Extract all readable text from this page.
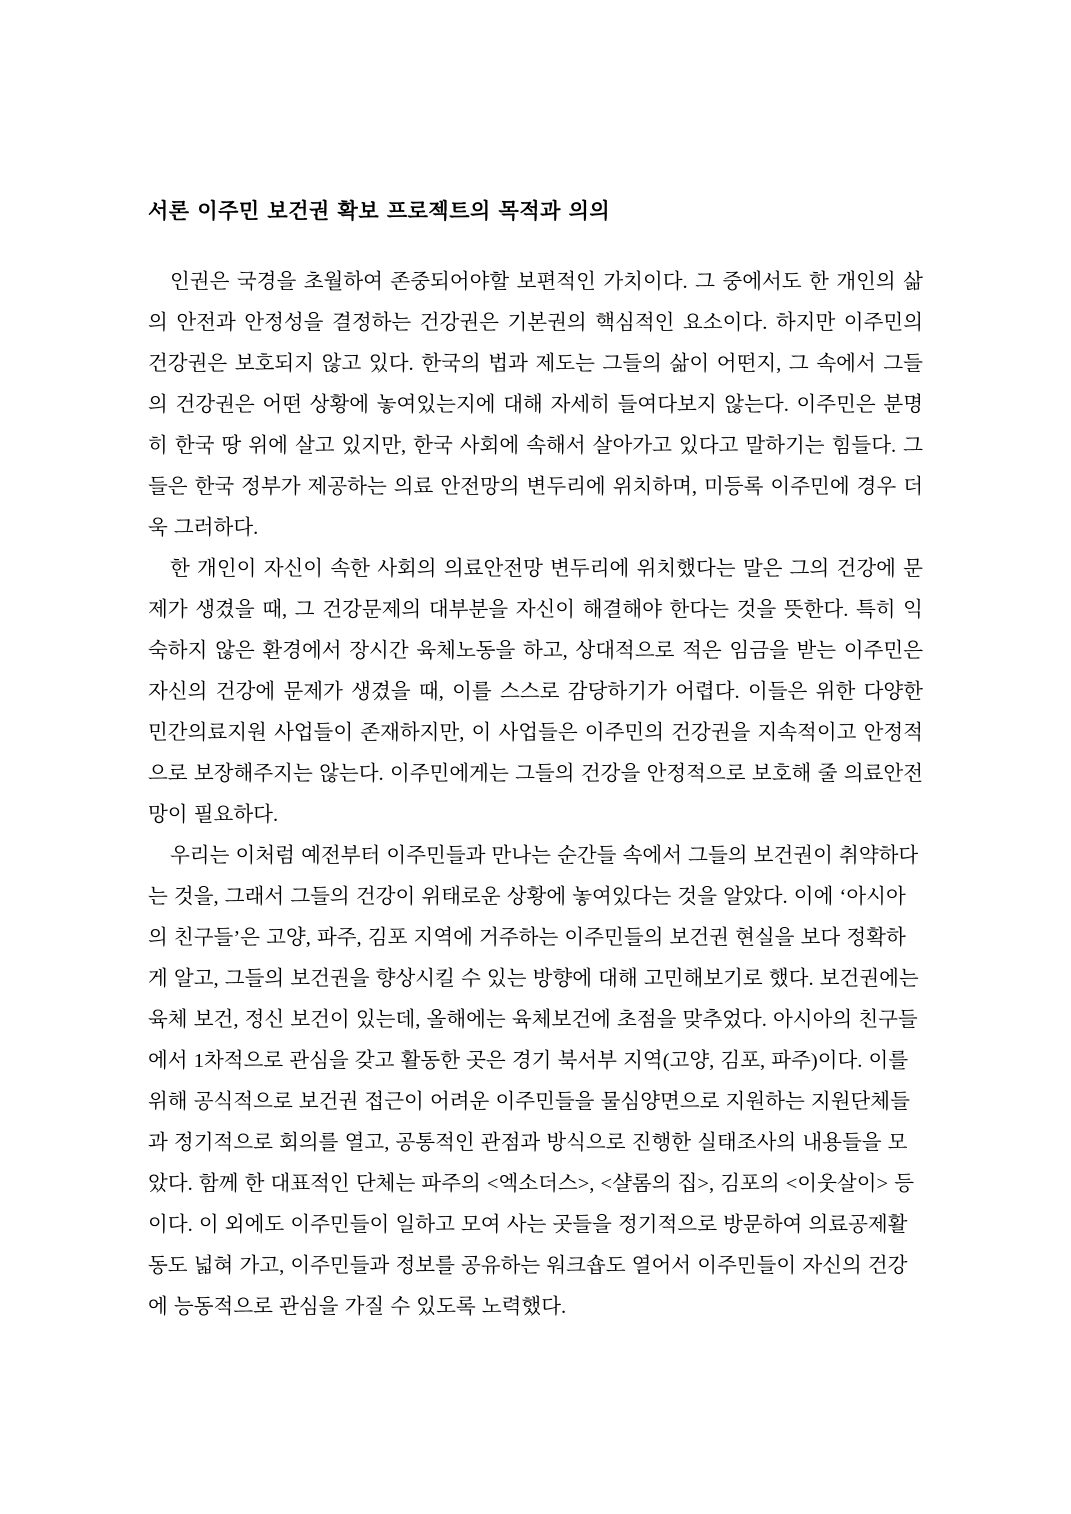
서론 이주민 보건권 확보 프로젝트의 목적과 의의

인권은 국경을 초월하여 존중되어야할 보편적인 가치이다. 그 중에서도 한 개인의 삶의 안전과 안정성을 결정하는 건강권은 기본권의 핵심적인 요소이다. 하지만 이주민의 건강권은 보호되지 않고 있다. 한국의 법과 제도는 그들의 삶이 어떤지, 그 속에서 그들의 건강권은 어떤 상황에 놓여있는지에 대해 자세히 들여다보지 않는다. 이주민은 분명히 한국 땅 위에 살고 있지만, 한국 사회에 속해서 살아가고 있다고 말하기는 힘들다. 그들은 한국 정부가 제공하는 의료 안전망의 변두리에 위치하며, 미등록 이주민에 경우 더욱 그러하다.

한 개인이 자신이 속한 사회의 의료안전망 변두리에 위치했다는 말은 그의 건강에 문제가 생겼을 때, 그 건강문제의 대부분을 자신이 해결해야 한다는 것을 뜻한다. 특히 익숙하지 않은 환경에서 장시간 육체노동을 하고, 상대적으로 적은 임금을 받는 이주민은 자신의 건강에 문제가 생겼을 때, 이를 스스로 감당하기가 어렵다. 이들은 위한 다양한 민간의료지원 사업들이 존재하지만, 이 사업들은 이주민의 건강권을 지속적이고 안정적으로 보장해주지는 않는다. 이주민에게는 그들의 건강을 안정적으로 보호해 줄 의료안전망이 필요하다.

우리는 이처럼 예전부터 이주민들과 만나는 순간들 속에서 그들의 보건권이 취약하다는 것을, 그래서 그들의 건강이 위태로운 상황에 놓여있다는 것을 알았다. 이에 ‘아시아의 친구들’은 고양, 파주, 김포 지역에 거주하는 이주민들의 보건권 현실을 보다 정확하게 알고, 그들의 보건권을 향상시킬 수 있는 방향에 대해 고민해보기로 했다. 보건권에는 육체 보건, 정신 보건이 있는데, 올해에는 육체보건에 초점을 맞추었다. 아시아의 친구들에서 1차적으로 관심을 갖고 활동한 곳은 경기 북서부 지역(고양, 김포, 파주)이다. 이를 위해 공식적으로 보건권 접근이 어려운 이주민들을 물심양면으로 지원하는 지원단체들과 정기적으로 회의를 열고, 공통적인 관점과 방식으로 진행한 실태조사의 내용들을 모았다. 함께 한 대표적인 단체는 파주의 <엑소더스>, <샬롬의 집>, 김포의 <이웃살이> 등이다. 이 외에도 이주민들이 일하고 모여 사는 곳들을 정기적으로 방문하여 의료공제활동도 넓혀 가고, 이주민들과 정보를 공유하는 워크숍도 열어서 이주민들이 자신의 건강에 능동적으로 관심을 가질 수 있도록 노력했다.
